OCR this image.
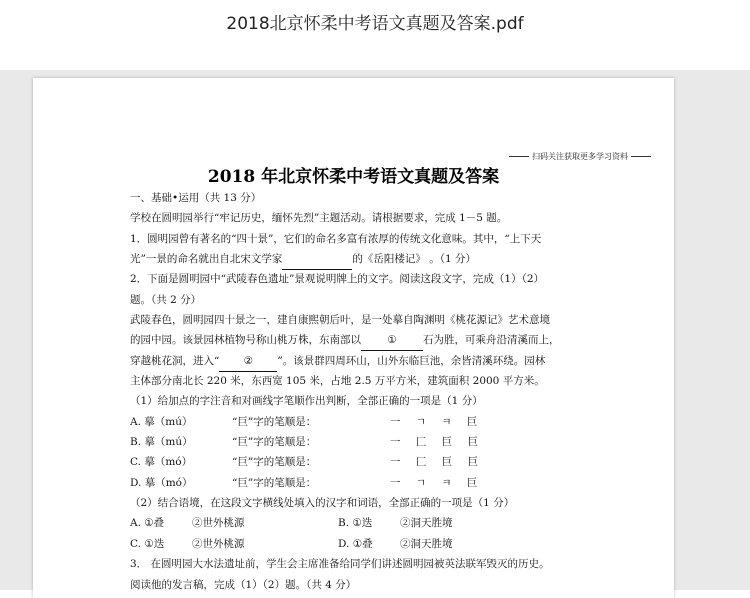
2018北京怀柔中考语文真题及答案.pdf
扫码关注获取更多学习资料
2018 年北京怀柔中考语文真题及答案
一、基础•运用（共 13 分）
学校在圆明园举行“牢记历史，缅怀先烈”主题活动。请根据要求，完成 1－5 题。
1．圆明园曾有著名的“四十景”，它们的命名多富有浓厚的传统文化意味。其中，“上下天
光”一景的命名就出自北宋文学家	的《岳阳楼记》 。（1 分）
2．下面是圆明园中“武陵春色遗址”景观说明牌上的文字。阅读这段文字，完成（1）（2）
题。（共 2 分）
武陵春色，圆明园四十景之一，建自康熙朝后叶，是一处摹自陶渊明《桃花源记》艺术意境
的园中园。该景园林植物号称山桃万株，东南部以	①	石为胜，可乘舟沿清溪而上，
穿越桃花洞，进入“ ② ”。该景群四周环山，山外东临巨池，余皆清溪环绕。园林
主体部分南北长 220 米，东西宽 105 米，占地 2.5 万平方米，建筑面积 2000 平方米。
（1）给加点的字注音和对画线字笔顺作出判断，全部正确的一项是（1 分）
A. 摹（mú）	“巨”字的笔顺是：	一 ㄱ ㅋ 巨
B. 摹（mú）	“巨”字的笔顺是：	一 匚 巨 巨
C. 摹（mó）	“巨”字的笔顺是：	一 匚 巨 巨
D. 摹（mó）	“巨”字的笔顺是：	一 ㄱ ㅋ 巨
（2）结合语境，在这段文字横线处填入的汉字和词语，全部正确的一项是（1 分）
A. ①叠	②世外桃源	B. ①迭	②洞天胜境
C. ①迭	②世外桃源	D. ①叠	②洞天胜境
3． 在圆明园大水法遗址前，学生会主席准备给同学们讲述圆明园被英法联军毁灭的历史。
阅读他的发言稿，完成（1）（2）题。（共 4 分）
